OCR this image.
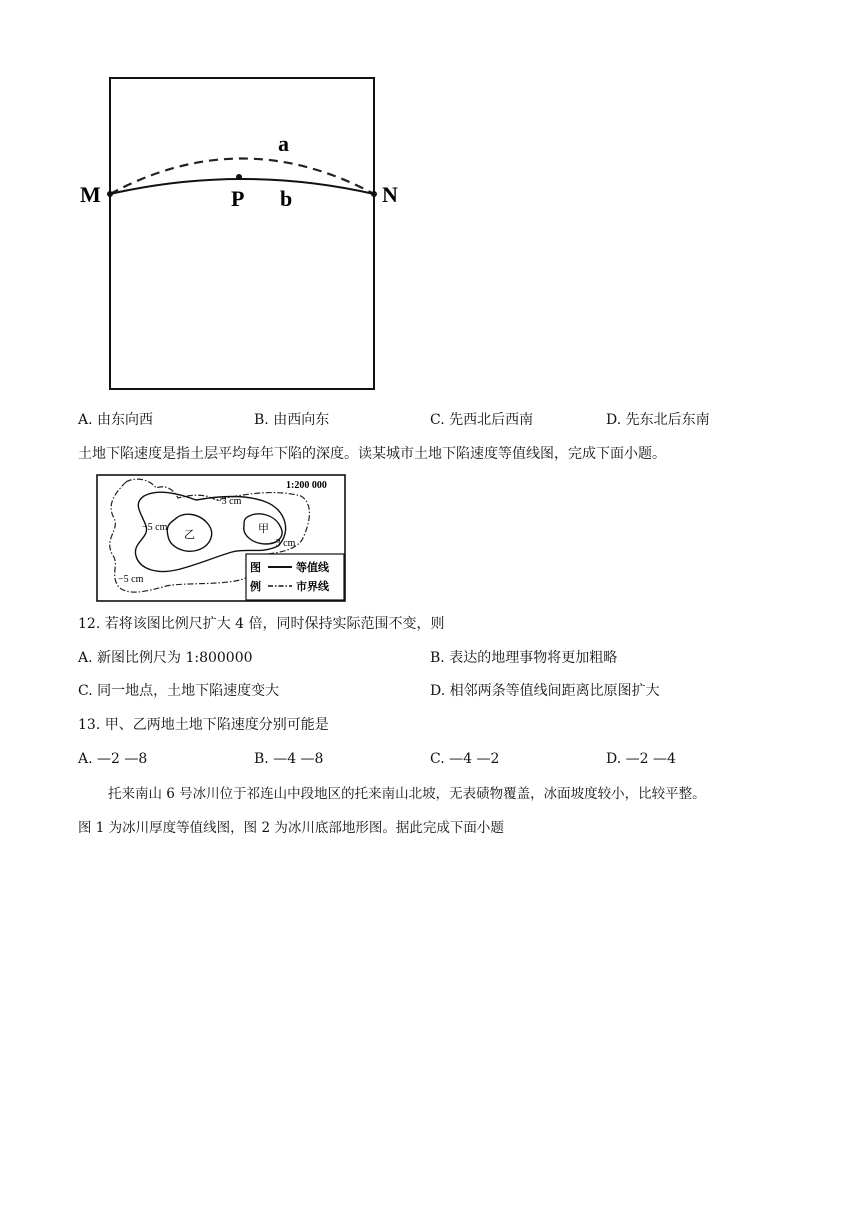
M	N
P
a
b
A. 由东向西	B. 由西向东	C. 先西北后西南	D. 先东北后东南
土地下陷速度是指土层平均每年下陷的深度。读某城市土地下陷速度等值线图，完成下面小题。
1:200 000
−3 cm
−5 cm
−3 cm
−5 cm
甲
乙
图
例
等值线
市界线
12. 若将该图比例尺扩大 4 倍，同时保持实际范围不变，则
A. 新图比例尺为 1:800000	B. 表达的地理事物将更加粗略
C. 同一地点，土地下陷速度变大	D. 相邻两条等值线间距离比原图扩大
13. 甲、乙两地土地下陷速度分别可能是
A. —2 —8	B. —4 —8	C. —4 —2	D. —2 —4
托来南山 6 号冰川位于祁连山中段地区的托来南山北坡，无表碛物覆盖，冰面坡度较小，比较平整。
图 1 为冰川厚度等值线图，图 2 为冰川底部地形图。据此完成下面小题
